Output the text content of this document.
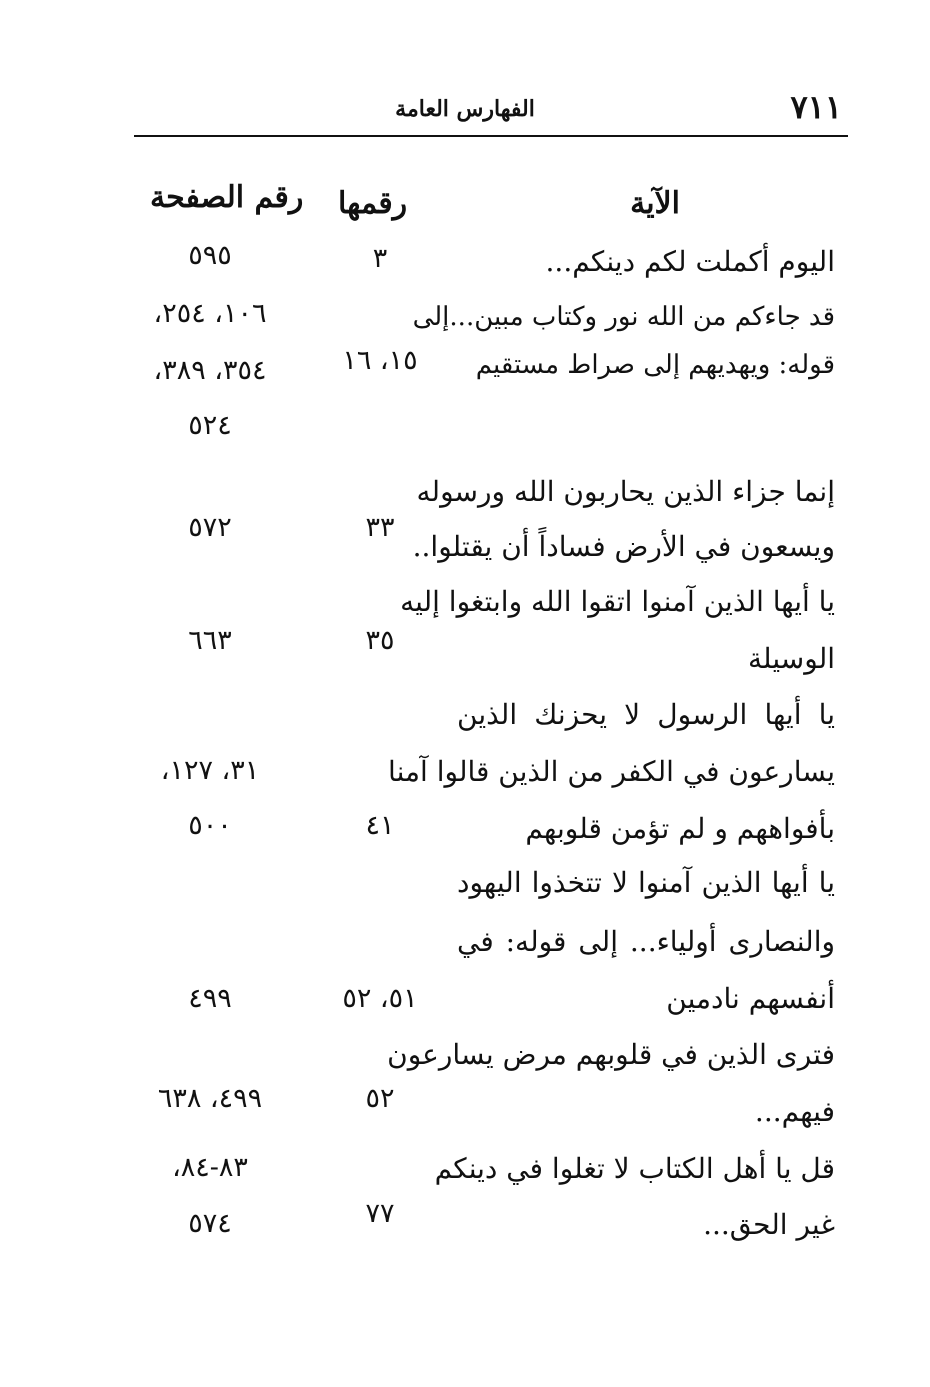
٧١١
الفهارس العامة
الآية
رقمها
رقم الصفحة
اليوم أكملت لكم دينكم...
قد جاءكم من الله نور وكتاب مبين...إلى
قوله: ويهديهم إلى صراط مستقيم
إنما جزاء الذين يحاربون الله ورسوله
ويسعون في الأرض فساداً أن يقتلوا..
يا أيها الذين آمنوا اتقوا الله وابتغوا إليه
الوسيلة
يا أيها الرسول لا يحزنك الذين
يسارعون في الكفر من الذين قالوا آمنا
بأفواههم و لم تؤمن قلوبهم
يا أيها الذين آمنوا لا تتخذوا اليهود
والنصارى أولياء... إلى قوله: في
أنفسهم نادمين
فترى الذين في قلوبهم مرض يسارعون
فيهم...
قل يا أهل الكتاب لا تغلوا في دينكم
غير الحق...
٣
١٥، ١٦
٣٣
٣٥
٤١
٥١، ٥٢
٥٢
٧٧
٥٩٥
١٠٦، ٢٥٤،
٣٥٤، ٣٨٩،
٥٢٤
٥٧٢
٦٦٣
٣١، ١٢٧،
٥٠٠
٤٩٩
٤٩٩، ٦٣٨
٨٣-٨٤،
٥٧٤
